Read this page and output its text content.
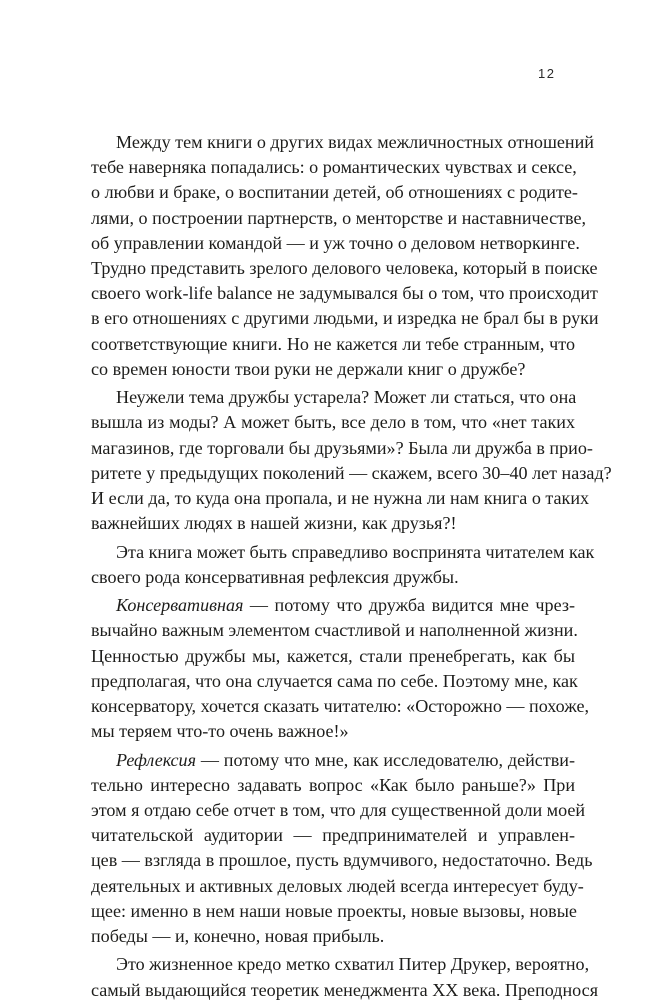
12
Между тем книги о других видах межличностных отношений
тебе наверняка попадались: о романтических чувствах и сексе,
о любви и браке, о воспитании детей, об отношениях с родите-
лями, о построении партнерств, о менторстве и наставничестве,
об управлении командой — и уж точно о деловом нетворкинге.
Трудно представить зрелого делового человека, который в поиске
своего work-life balance не задумывался бы о том, что происходит
в его отношениях с другими людьми, и изредка не брал бы в руки
соответствующие книги. Но не кажется ли тебе странным, что
со времен юности твои руки не держали книг о дружбе?
Неужели тема дружбы устарела? Может ли статься, что она
вышла из моды? А может быть, все дело в том, что «нет таких
магазинов, где торговали бы друзьями»? Была ли дружба в прио-
ритете у предыдущих поколений — скажем, всего 30–40 лет назад?
И если да, то куда она пропала, и не нужна ли нам книга о таких
важнейших людях в нашей жизни, как друзья?!
Эта книга может быть справедливо воспринята читателем как
своего рода консервативная рефлексия дружбы.
Консервативная — потому что дружба видится мне чрез-
вычайно важным элементом счастливой и наполненной жизни.
Ценностью дружбы мы, кажется, стали пренебрегать, как бы
предполагая, что она случается сама по себе. Поэтому мне, как
консерватору, хочется сказать читателю: «Осторожно — похоже,
мы теряем что-то очень важное!»
Рефлексия — потому что мне, как исследователю, действи-
тельно интересно задавать вопрос «Как было раньше?» При
этом я отдаю себе отчет в том, что для существенной доли моей
читательской аудитории — предпринимателей и управлен-
цев — взгляда в прошлое, пусть вдумчивого, недостаточно. Ведь
деятельных и активных деловых людей всегда интересует буду-
щее: именно в нем наши новые проекты, новые вызовы, новые
победы — и, конечно, новая прибыль.
Это жизненное кредо метко схватил Питер Друкер, вероятно,
самый выдающийся теоретик менеджмента XX века. Преподнося
